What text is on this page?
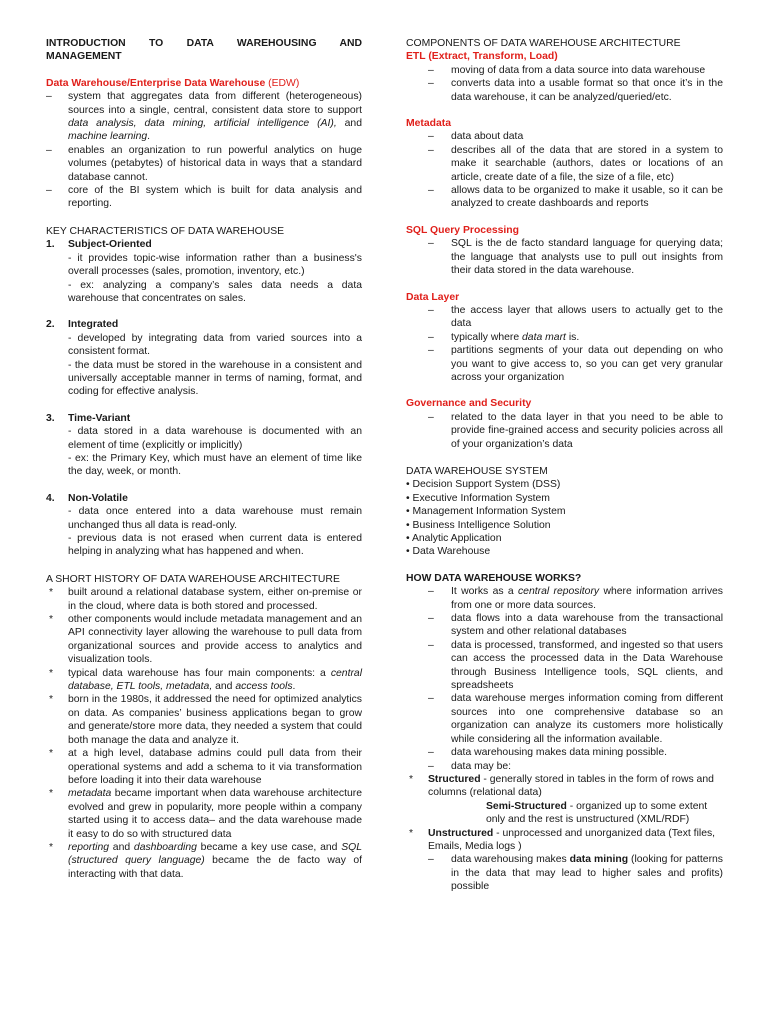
INTRODUCTION TO DATA WAREHOUSING AND
MANAGEMENT
Data Warehouse/Enterprise Data Warehouse (EDW)
– system that aggregates data from different (heterogeneous) sources into a single, central, consistent data store to support data analysis, data mining, artificial intelligence (AI), and machine learning.
– enables an organization to run powerful analytics on huge volumes (petabytes) of historical data in ways that a standard database cannot.
– core of the BI system which is built for data analysis and reporting.
KEY CHARACTERISTICS OF DATA WAREHOUSE
1. Subject-Oriented
- it provides topic-wise information rather than a business's overall processes (sales, promotion, inventory, etc.)
- ex: analyzing a company’s sales data needs a data warehouse that concentrates on sales.
2. Integrated
- developed by integrating data from varied sources into a consistent format.
- the data must be stored in the warehouse in a consistent and universally acceptable manner in terms of naming, format, and coding for effective analysis.
3. Time-Variant
- data stored in a data warehouse is documented with an element of time (explicitly or implicitly)
- ex: the Primary Key, which must have an element of time like the day, week, or month.
4. Non-Volatile
- data once entered into a data warehouse must remain unchanged thus all data is read-only.
- previous data is not erased when current data is entered helping in analyzing what has happened and when.
A SHORT HISTORY OF DATA WAREHOUSE ARCHITECTURE
* built around a relational database system, either on-premise or in the cloud, where data is both stored and processed.
* other components would include metadata management and an API connectivity layer allowing the warehouse to pull data from organizational sources and provide access to analytics and visualization tools.
* typical data warehouse has four main components: a central database, ETL tools, metadata, and access tools.
* born in the 1980s, it addressed the need for optimized analytics on data. As companies’ business applications began to grow and generate/store more data, they needed a system that could both manage the data and analyze it.
* at a high level, database admins could pull data from their operational systems and add a schema to it via transformation before loading it into their data warehouse
* metadata became important when data warehouse architecture evolved and grew in popularity, more people within a company started using it to access data– and the data warehouse made it easy to do so with structured data
* reporting and dashboarding became a key use case, and SQL (structured query language) became the de facto way of interacting with that data.
COMPONENTS OF DATA WAREHOUSE ARCHITECTURE
ETL (Extract, Transform, Load)
– moving of data from a data source into data warehouse
– converts data into a usable format so that once it’s in the data warehouse, it can be analyzed/queried/etc.
Metadata
– data about data
– describes all of the data that are stored in a system to make it searchable (authors, dates or locations of an article, create date of a file, the size of a file, etc)
– allows data to be organized to make it usable, so it can be analyzed to create dashboards and reports
SQL Query Processing
– SQL is the de facto standard language for querying data; the language that analysts use to pull out insights from their data stored in the data warehouse.
Data Layer
– the access layer that allows users to actually get to the data
– typically where data mart is.
– partitions segments of your data out depending on who you want to give access to, so you can get very granular across your organization
Governance and Security
– related to the data layer in that you need to be able to provide fine-grained access and security policies across all of your organization’s data
DATA WAREHOUSE SYSTEM
• Decision Support System (DSS)
• Executive Information System
• Management Information System
• Business Intelligence Solution
• Analytic Application
• Data Warehouse
HOW DATA WAREHOUSE WORKS?
– It works as a central repository where information arrives from one or more data sources.
– data flows into a data warehouse from the transactional system and other relational databases
– data is processed, transformed, and ingested so that users can access the processed data in the Data Warehouse through Business Intelligence tools, SQL clients, and spreadsheets
– data warehouse merges information coming from different sources into one comprehensive database so an organization can analyze its customers more holistically while considering all the information available.
– data warehousing makes data mining possible.
– data may be:
* Structured - generally stored in tables in the form of rows and columns (relational data)
Semi-Structured - organized up to some extent only and the rest is unstructured (XML/RDF)
* Unstructured - unprocessed and unorganized data (Text files, Emails, Media logs )
– data warehousing makes data mining (looking for patterns in the data that may lead to higher sales and profits) possible
